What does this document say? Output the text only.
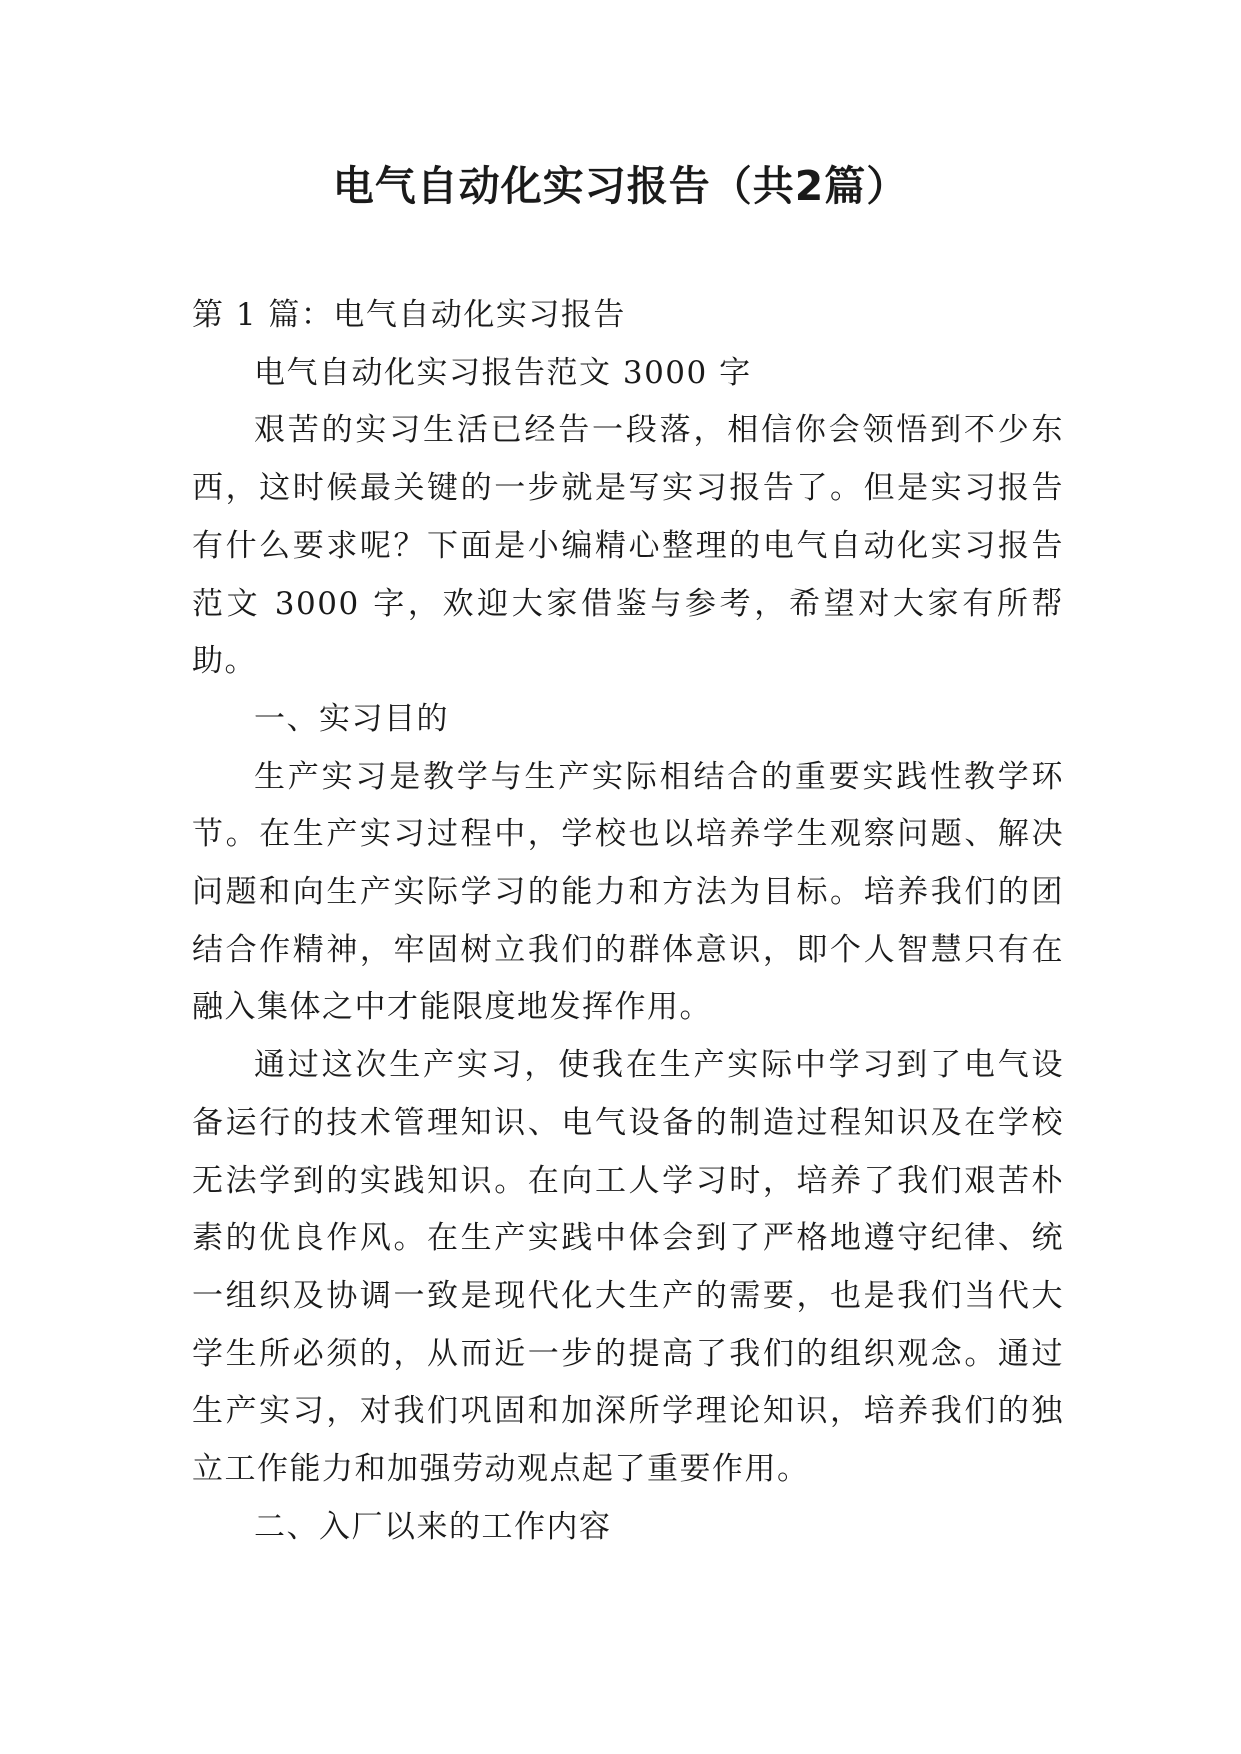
电气自动化实习报告（共2篇）

第 1 篇：电气自动化实习报告

电气自动化实习报告范文 3000 字

艰苦的实习生活已经告一段落，相信你会领悟到不少东西，这时候最关键的一步就是写实习报告了。但是实习报告有什么要求呢？下面是小编精心整理的电气自动化实习报告范文 3000 字，欢迎大家借鉴与参考，希望对大家有所帮助。

一、实习目的

生产实习是教学与生产实际相结合的重要实践性教学环节。在生产实习过程中，学校也以培养学生观察问题、解决问题和向生产实际学习的能力和方法为目标。培养我们的团结合作精神，牢固树立我们的群体意识，即个人智慧只有在融入集体之中才能限度地发挥作用。

通过这次生产实习，使我在生产实际中学习到了电气设备运行的技术管理知识、电气设备的制造过程知识及在学校无法学到的实践知识。在向工人学习时，培养了我们艰苦朴素的优良作风。在生产实践中体会到了严格地遵守纪律、统一组织及协调一致是现代化大生产的需要，也是我们当代大学生所必须的，从而近一步的提高了我们的组织观念。通过生产实习，对我们巩固和加深所学理论知识，培养我们的独立工作能力和加强劳动观点起了重要作用。

二、入厂以来的工作内容
